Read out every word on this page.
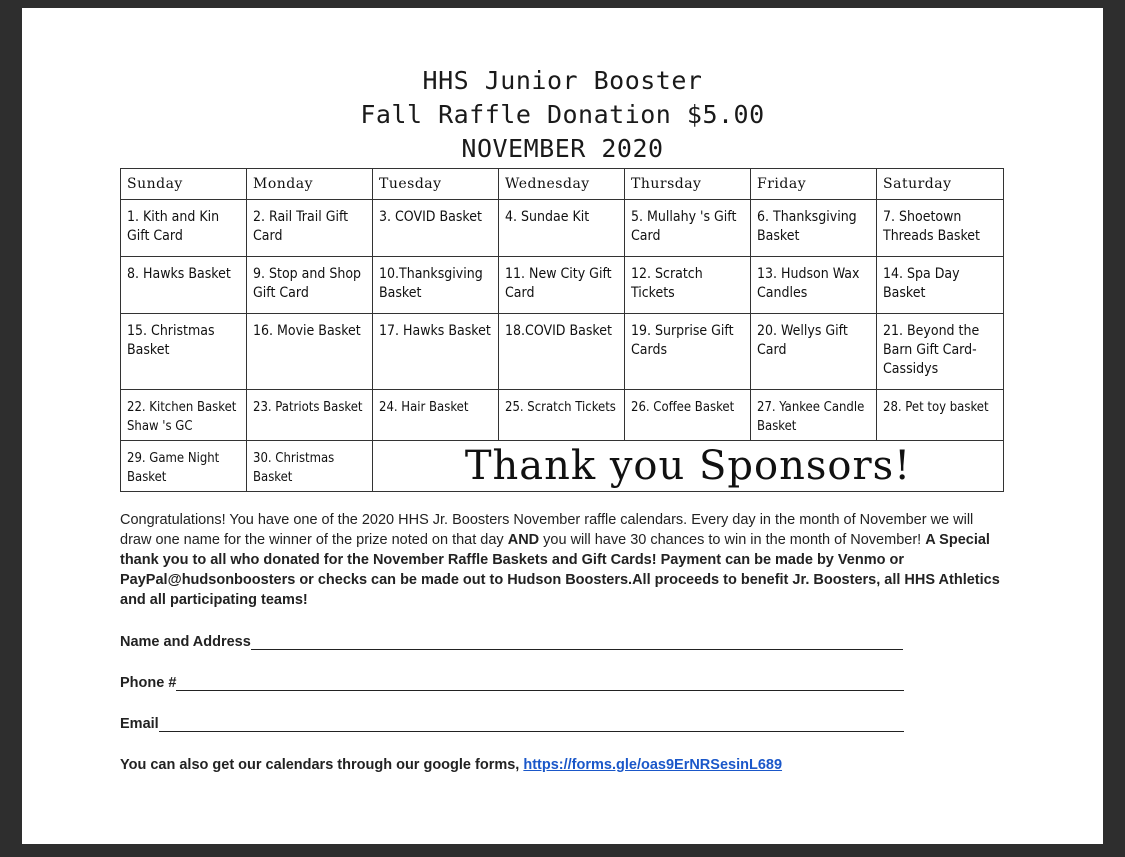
HHS Junior Booster
Fall Raffle Donation $5.00
NOVEMBER 2020
Sunday	Monday	Tuesday	Wednesday	Thursday	Friday	Saturday
1. Kith and Kin Gift Card	2. Rail Trail Gift Card	3. COVID Basket	4. Sundae Kit	5. Mullahy 's Gift Card	6. Thanksgiving Basket	7. Shoetown Threads Basket
8. Hawks Basket	9. Stop and Shop Gift Card	10.Thanksgiving Basket	11. New City Gift Card	12. Scratch Tickets	13. Hudson Wax Candles	14. Spa Day Basket
15. Christmas Basket	16. Movie Basket	17. Hawks Basket	18.COVID Basket	19. Surprise Gift Cards	20. Wellys Gift Card	21. Beyond the Barn Gift Card-Cassidys
22. Kitchen Basket Shaw 's GC	23. Patriots Basket	24. Hair Basket	25. Scratch Tickets	26. Coffee Basket	27. Yankee Candle Basket	28. Pet toy basket
29. Game Night Basket	30. Christmas Basket	Thank you Sponsors!				
Congratulations! You have one of the 2020 HHS Jr. Boosters November raffle calendars. Every day in the month of November we will draw one name for the winner of the prize noted on that day AND you will have 30 chances to win in the month of November! A Special thank you to all who donated for the November Raffle Baskets and Gift Cards! Payment can be made by Venmo or PayPal@hudsonboosters or checks can be made out to Hudson Boosters.All proceeds to benefit Jr. Boosters, all HHS Athletics and all participating teams!
Name and Address
Phone #
Email
You can also get our calendars through our google forms, https://forms.gle/oas9ErNRSesinL689
